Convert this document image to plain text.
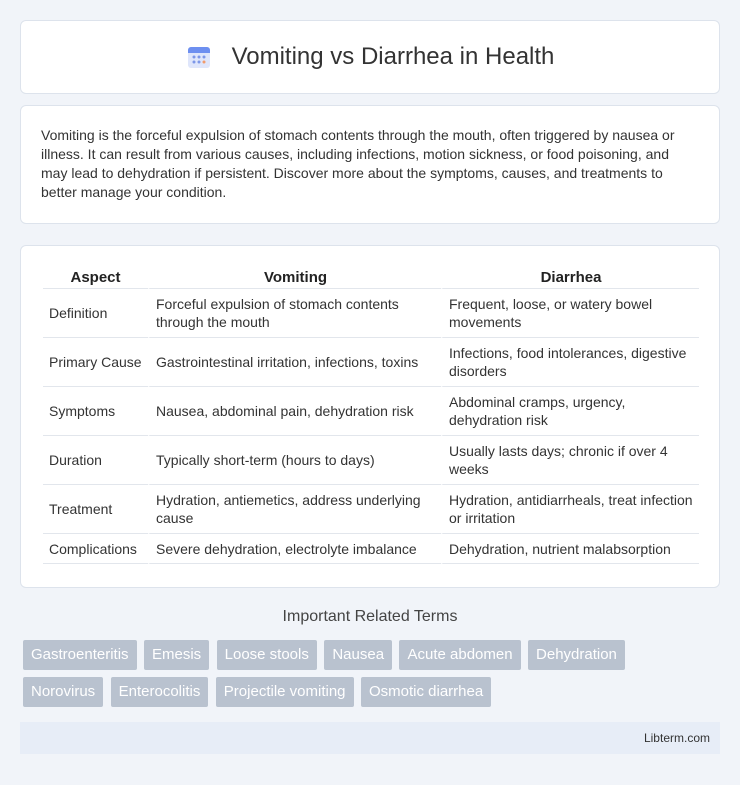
Vomiting vs Diarrhea in Health

Vomiting is the forceful expulsion of stomach contents through the mouth, often triggered by nausea or illness. It can result from various causes, including infections, motion sickness, or food poisoning, and may lead to dehydration if persistent. Discover more about the symptoms, causes, and treatments to better manage your condition.

Aspect	Vomiting	Diarrhea
Definition	Forceful expulsion of stomach contents through the mouth	Frequent, loose, or watery bowel movements
Primary Cause	Gastrointestinal irritation, infections, toxins	Infections, food intolerances, digestive disorders
Symptoms	Nausea, abdominal pain, dehydration risk	Abdominal cramps, urgency, dehydration risk
Duration	Typically short-term (hours to days)	Usually lasts days; chronic if over 4 weeks
Treatment	Hydration, antiemetics, address underlying cause	Hydration, antidiarrheals, treat infection or irritation
Complications	Severe dehydration, electrolyte imbalance	Dehydration, nutrient malabsorption
Important Related Terms
Gastroenteritis Emesis Loose stools Nausea Acute abdomen Dehydration
Norovirus Enterocolitis Projectile vomiting Osmotic diarrhea
Libterm.com
